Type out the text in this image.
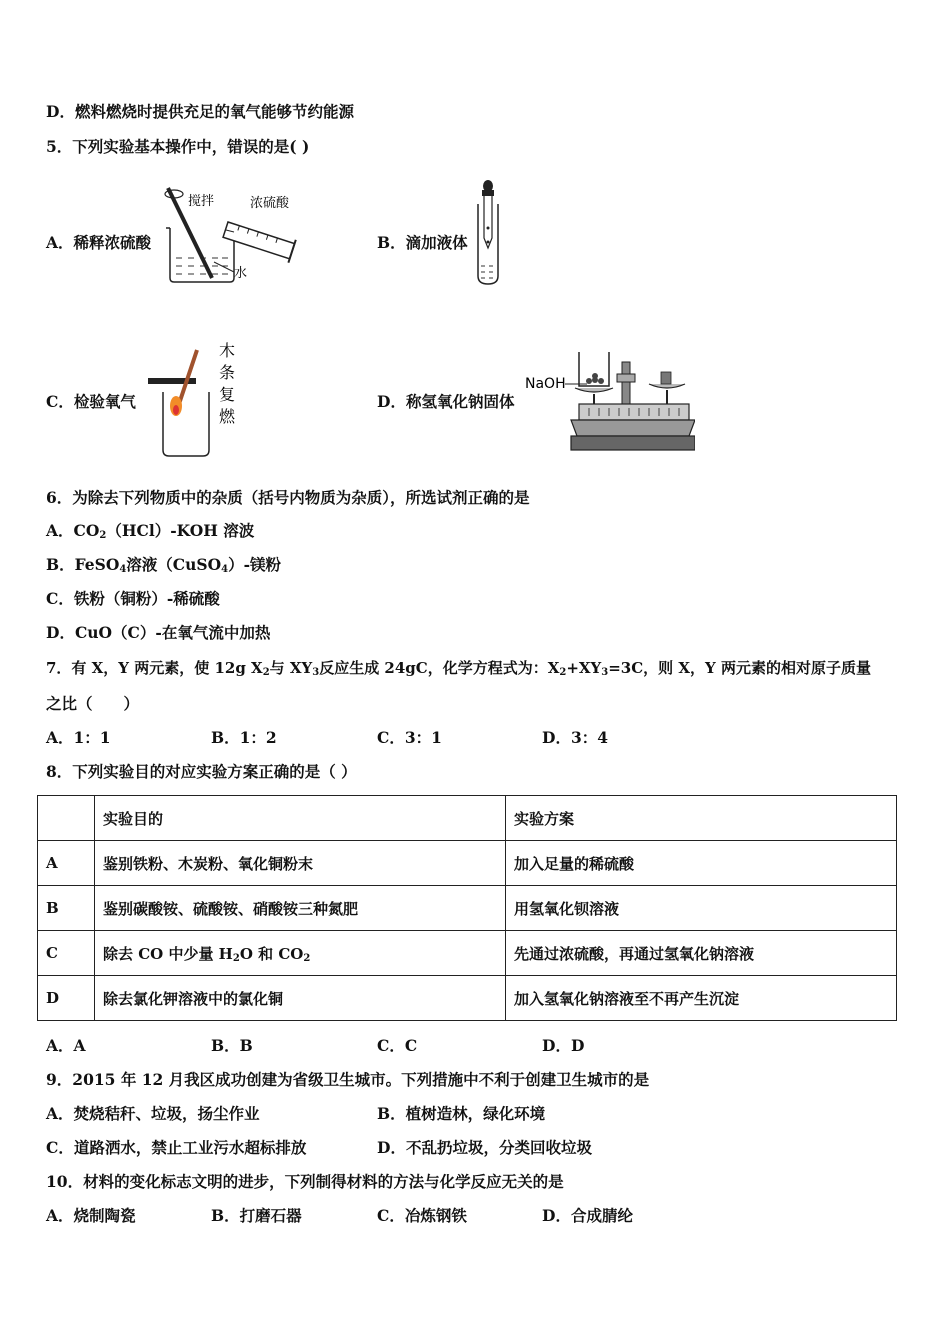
D．燃料燃烧时提供充足的氧气能够节约能源
5．下列实验基本操作中，错误的是( )
A．稀释浓硫酸
搅拌	浓硫酸
水
B．滴加液体
C．检验氧气
木
条
复
燃
D．称氢氧化钠固体
NaOH
6．为除去下列物质中的杂质（括号内物质为杂质），所选试剂正确的是
A．$CO_2(HCl)$-KOH 溶波
B．FeSO$_4$溶液（CuSO$_4$）-镁粉
C．铁粉（铜粉）-稀硫酸
D．CuO（C）-在氧气流中加热
7．有 X，Y 两元素，使 12g $X_2$与 $XY_3$反应生成 24gC，化学方程式为：$X_2+XY_3=3C$，则 X，Y 两元素的相对原子质量
之比（　　）
A．1：1	B．1：2	C．3：1	D．3：4
8．下列实验目的对应实验方案正确的是（ ）
	实验目的	实验方案
A	鉴别铁粉、木炭粉、氧化铜粉末	加入足量的稀硫酸
B	鉴别碳酸铵、硫酸铵、硝酸铵三种氮肥	用氢氧化钡溶液
C	除去 CO 中少量 $H_2O$ 和 $CO_2$	先通过浓硫酸，再通过氢氧化钠溶液
D	除去氯化钾溶液中的氯化铜	加入氢氧化钠溶液至不再产生沉淀
A．A	B．B	C．C	D．D
9．2015 年 12 月我区成功创建为省级卫生城市。下列措施中不利于创建卫生城市的是
A．焚烧秸秆、垃圾，扬尘作业	B．植树造林，绿化环境
C．道路洒水，禁止工业污水超标排放	D．不乱扔垃圾，分类回收垃圾
10．材料的变化标志文明的进步，下列制得材料的方法与化学反应无关的是
A．烧制陶瓷	B．打磨石器	C．冶炼钢铁	D．合成腈纶
